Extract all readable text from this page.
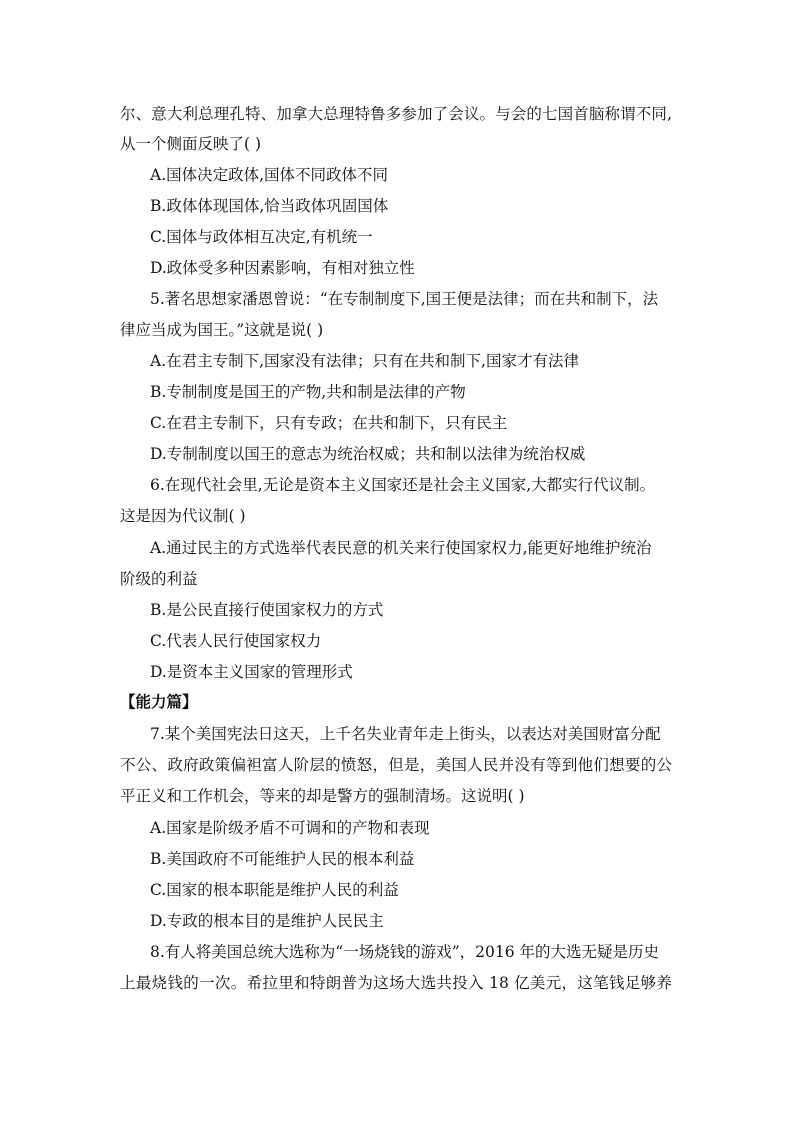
尔、意大利总理孔特、加拿大总理特鲁多参加了会议。与会的七国首脑称谓不同,
从一个侧面反映了( )
A.国体决定政体,国体不同政体不同
B.政体体现国体,恰当政体巩固国体
C.国体与政体相互决定,有机统一
D.政体受多种因素影响，有相对独立性
5.著名思想家潘恩曾说：“在专制制度下,国王便是法律；而在共和制下，法
律应当成为国王。”这就是说( )
A.在君主专制下,国家没有法律；只有在共和制下,国家才有法律
B.专制制度是国王的产物,共和制是法律的产物
C.在君主专制下，只有专政；在共和制下，只有民主
D.专制制度以国王的意志为统治权威；共和制以法律为统治权威
6.在现代社会里,无论是资本主义国家还是社会主义国家,大都实行代议制。
这是因为代议制( )
A.通过民主的方式选举代表民意的机关来行使国家权力,能更好地维护统治
阶级的利益
B.是公民直接行使国家权力的方式
C.代表人民行使国家权力
D.是资本主义国家的管理形式
【能力篇】
7.某个美国宪法日这天，上千名失业青年走上街头，以表达对美国财富分配
不公、政府政策偏袒富人阶层的愤怒，但是，美国人民并没有等到他们想要的公
平正义和工作机会，等来的却是警方的强制清场。这说明( )
A.国家是阶级矛盾不可调和的产物和表现
B.美国政府不可能维护人民的根本利益
C.国家的根本职能是维护人民的利益
D.专政的根本目的是维护人民民主
8.有人将美国总统大选称为“一场烧钱的游戏”，2016 年的大选无疑是历史
上最烧钱的一次。希拉里和特朗普为这场大选共投入 18 亿美元，这笔钱足够养
